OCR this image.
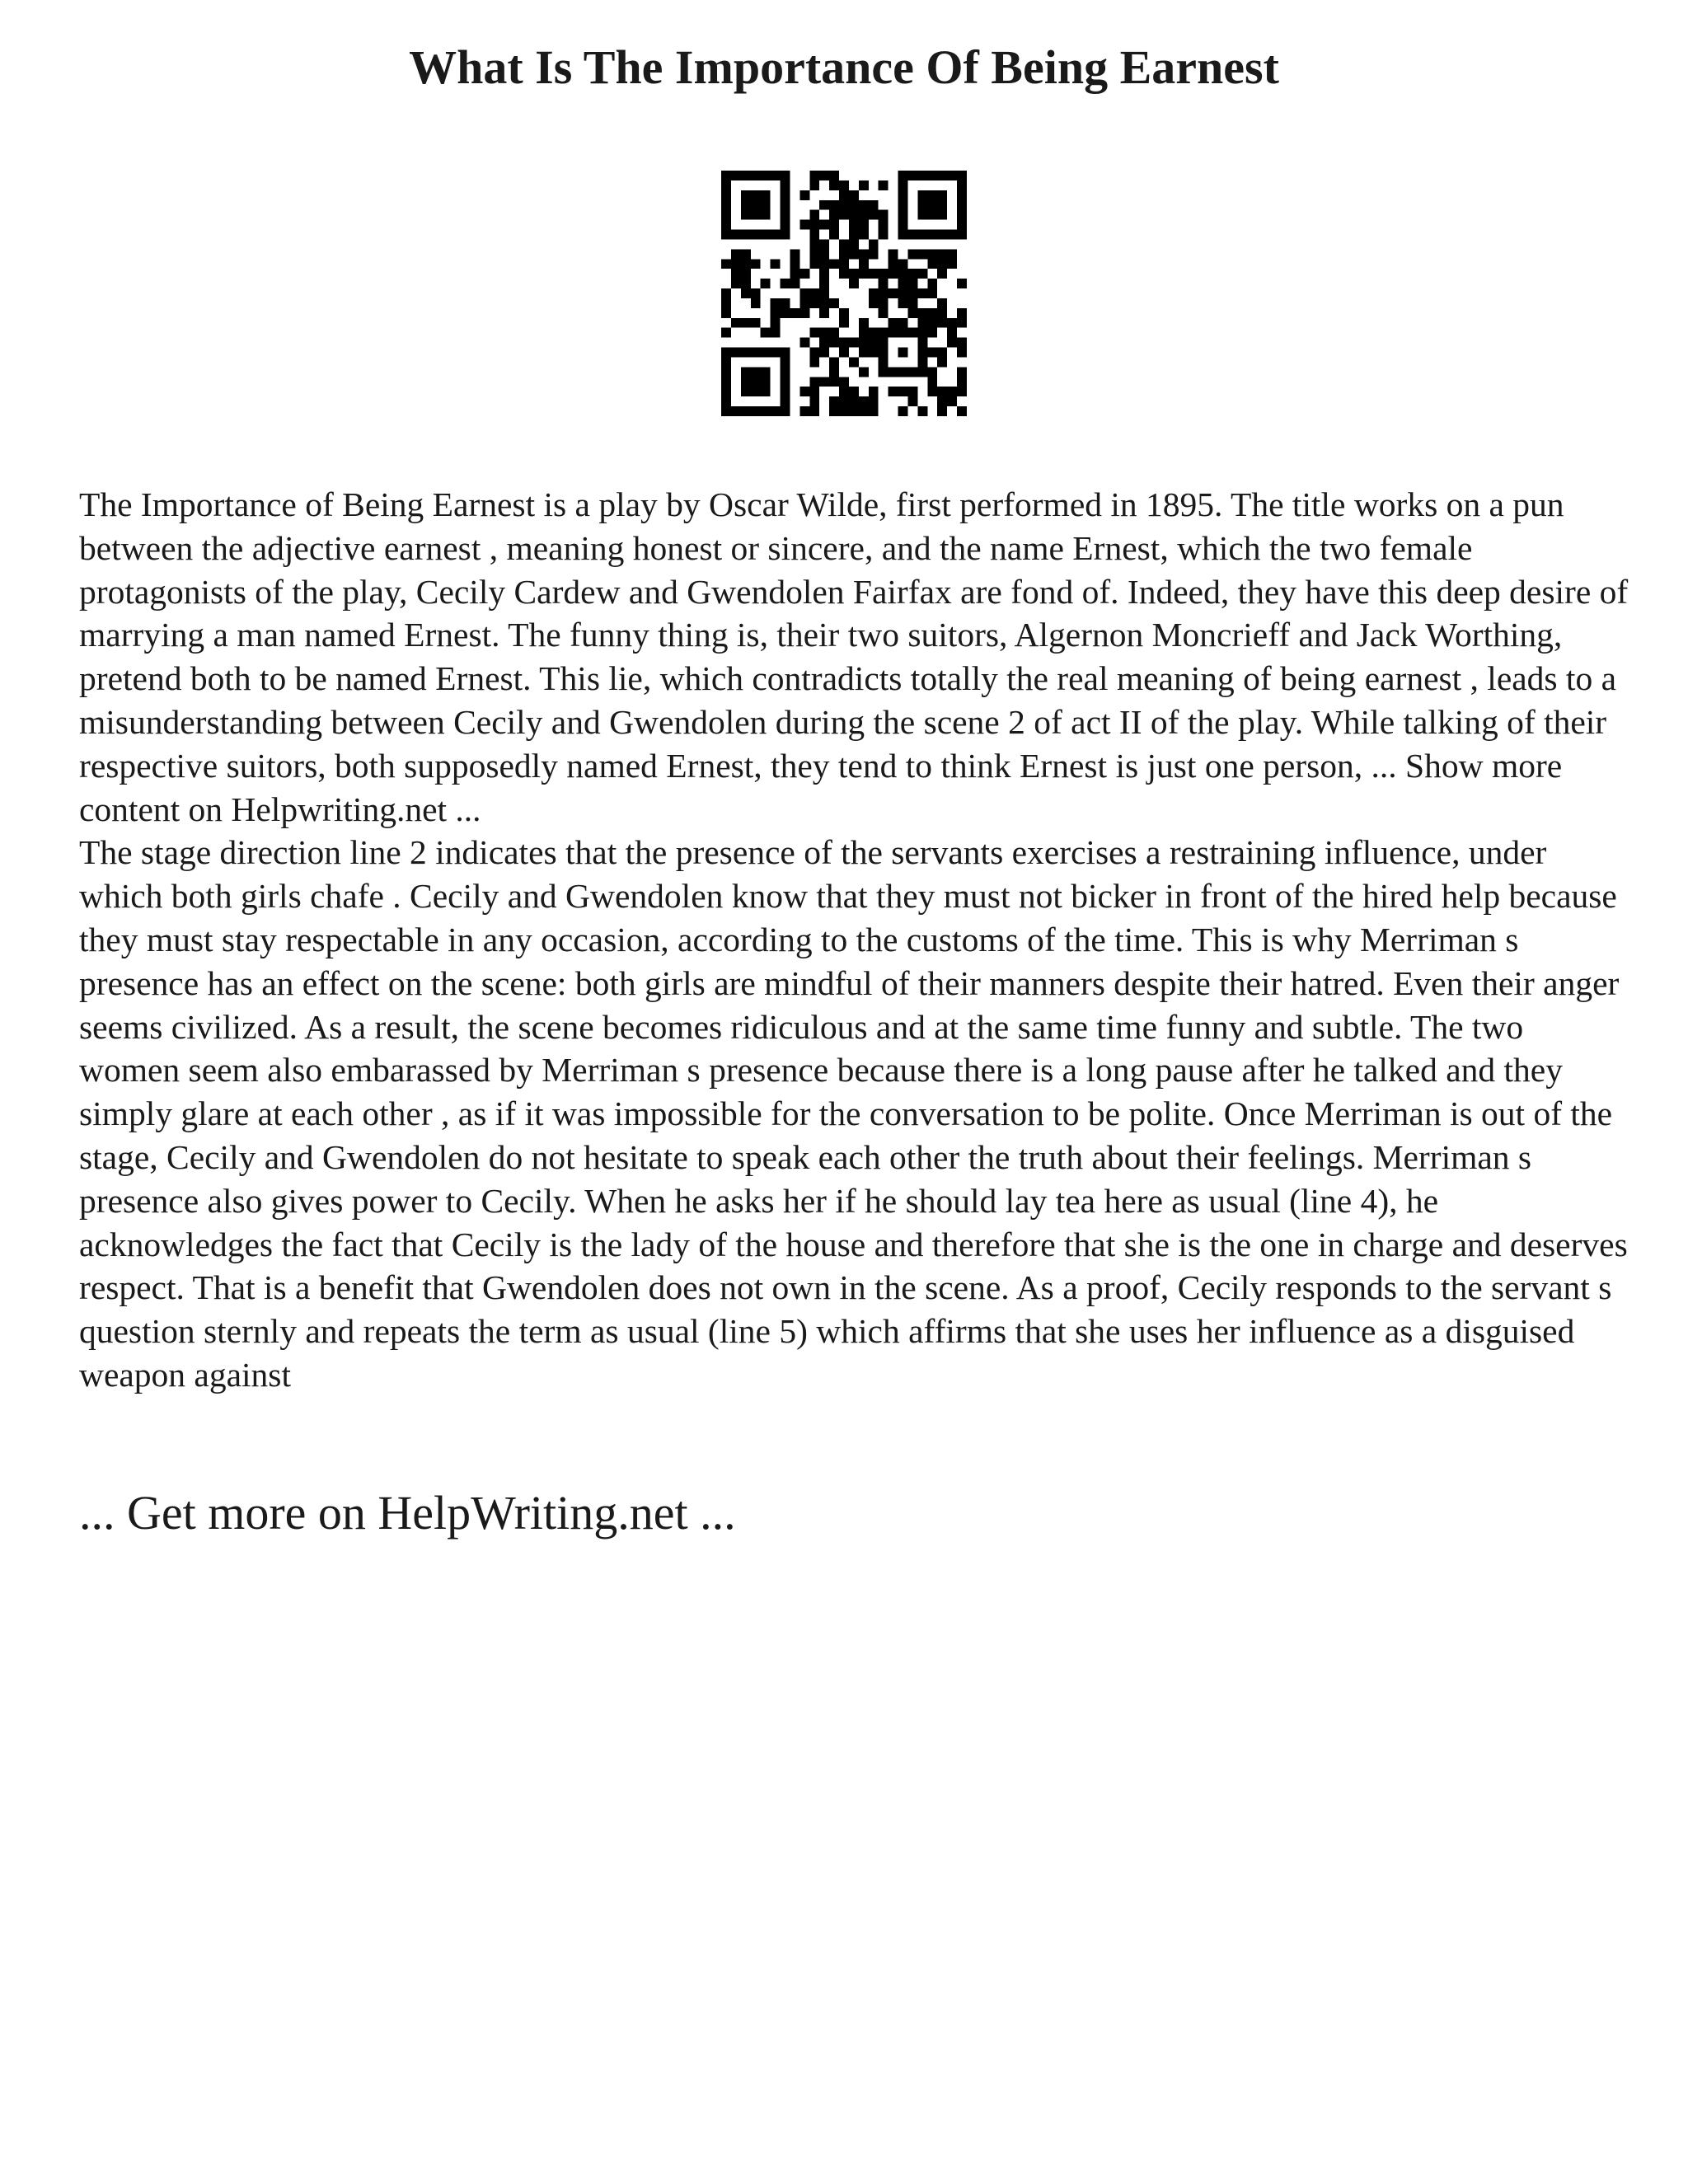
What Is The Importance Of Being Earnest

The Importance of Being Earnest is a play by Oscar Wilde, first performed in 1895. The title works on a pun between the adjective earnest , meaning honest or sincere, and the name Ernest, which the two female protagonists of the play, Cecily Cardew and Gwendolen Fairfax are fond of. Indeed, they have this deep desire of marrying a man named Ernest. The funny thing is, their two suitors, Algernon Moncrieff and Jack Worthing, pretend both to be named Ernest. This lie, which contradicts totally the real meaning of being earnest , leads to a misunderstanding between Cecily and Gwendolen during the scene 2 of act II of the play. While talking of their respective suitors, both supposedly named Ernest, they tend to think Ernest is just one person, ... Show more content on Helpwriting.net ...

The stage direction line 2 indicates that the presence of the servants exercises a restraining influence, under which both girls chafe . Cecily and Gwendolen know that they must not bicker in front of the hired help because they must stay respectable in any occasion, according to the customs of the time. This is why Merriman s presence has an effect on the scene: both girls are mindful of their manners despite their hatred. Even their anger seems civilized. As a result, the scene becomes ridiculous and at the same time funny and subtle. The two women seem also embarassed by Merriman s presence because there is a long pause after he talked and they simply glare at each other , as if it was impossible for the conversation to be polite. Once Merriman is out of the stage, Cecily and Gwendolen do not hesitate to speak each other the truth about their feelings. Merriman s presence also gives power to Cecily. When he asks her if he should lay tea here as usual (line 4), he acknowledges the fact that Cecily is the lady of the house and therefore that she is the one in charge and deserves respect. That is a benefit that Gwendolen does not own in the scene. As a proof, Cecily responds to the servant s question sternly and repeats the term as usual (line 5) which affirms that she uses her influence as a disguised weapon against

... Get more on HelpWriting.net ...
